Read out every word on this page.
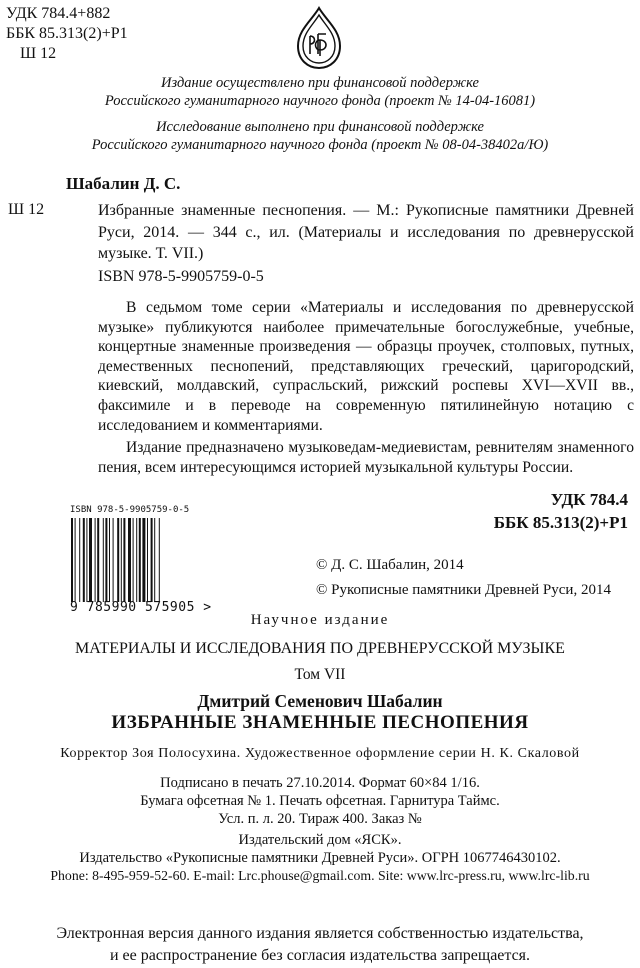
УДК 784.4+882
ББК 85.313(2)+Р1
Ш 12
Издание осуществлено при финансовой поддержке
Российского гуманитарного научного фонда (проект № 14-04-16081)
Исследование выполнено при финансовой поддержке
Российского гуманитарного научного фонда (проект № 08-04-38402а/Ю)
Шабалин Д. С.
Ш 12	Избранные знаменные песнопения. — М.: Рукописные памятники Древней Руси, 2014. — 344 с., ил. (Материалы и исследования по древнерусской музыке. Т. VII.)
ISBN 978-5-9905759-0-5
В седьмом томе серии «Материалы и исследования по древнерусской музыке» публикуются наиболее примечательные богослужебные, учебные, концертные знаменные произведения — образцы проучек, столповых, путных, демественных песнопений, представляющих греческий, царигородский, киевский, молдавский, супрасльский, рижский роспевы XVI—XVII вв., факсимиле и в переводе на современную пятилинейную нотацию с исследованием и комментариями.
Издание предназначено музыковедам-медиевистам, ревнителям знаменного пения, всем интересующимся историей музыкальной культуры России.
УДК 784.4
ББК 85.313(2)+Р1
ISBN 978-5-9905759-0-5
9 785990 575905 >
© Д. С. Шабалин, 2014
© Рукописные памятники Древней Руси, 2014
Научное издание
МАТЕРИАЛЫ И ИССЛЕДОВАНИЯ ПО ДРЕВНЕРУССКОЙ МУЗЫКЕ
Том VII
Дмитрий Семенович Шабалин
ИЗБРАННЫЕ ЗНАМЕННЫЕ ПЕСНОПЕНИЯ
Корректор Зоя Полосухина. Художественное оформление серии Н. К. Скаловой
Подписано в печать 27.10.2014. Формат 60×84 1/16.
Бумага офсетная № 1. Печать офсетная. Гарнитура Таймс.
Усл. п. л. 20. Тираж 400. Заказ №
Издательский дом «ЯСК».
Издательство «Рукописные памятники Древней Руси». ОГРН 1067746430102.
Phone: 8-495-959-52-60. E-mail: Lrc.phouse@gmail.com. Site: www.lrc-press.ru, www.lrc-lib.ru
Электронная версия данного издания является собственностью издательства,
и ее распространение без согласия издательства запрещается.
